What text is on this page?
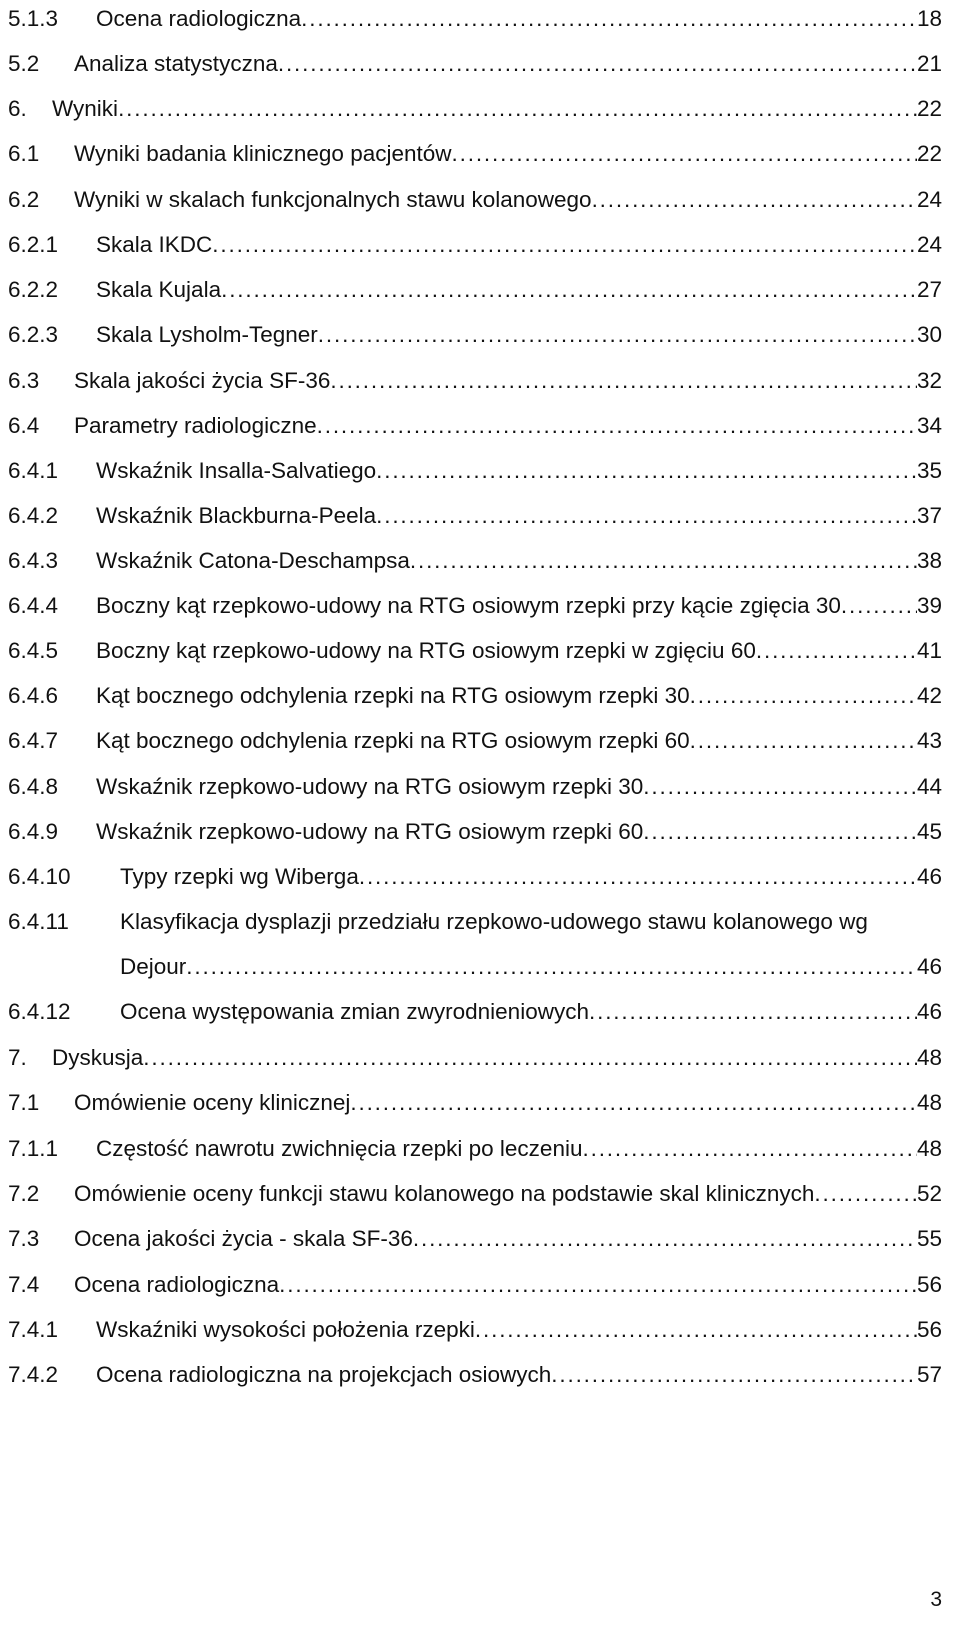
5.1.3 Ocena radiologiczna . . .	18
5.2 Analiza statystyczna . . .	21
6. Wyniki . . .	22
6.1 Wyniki badania klinicznego pacjentów . . .	22
6.2 Wyniki w skalach funkcjonalnych stawu kolanowego . . .	24
6.2.1 Skala IKDC . . .	24
6.2.2 Skala Kujala . . .	27
6.2.3 Skala Lysholm-Tegner . . .	30
6.3 Skala jakości życia SF-36 . . .	32
6.4 Parametry radiologiczne . . .	34
6.4.1 Wskaźnik Insalla-Salvatiego . . .	35
6.4.2 Wskaźnik Blackburna-Peela . . .	37
6.4.3 Wskaźnik Catona-Deschampsa . . .	38
6.4.4 Boczny kąt rzepkowo-udowy na RTG osiowym rzepki przy kącie zgięcia 30 . . .	39
6.4.5 Boczny kąt rzepkowo-udowy na RTG osiowym rzepki w zgięciu 60 . . .	41
6.4.6 Kąt bocznego odchylenia rzepki na RTG osiowym rzepki 30 . . .	42
6.4.7 Kąt bocznego odchylenia rzepki na RTG osiowym rzepki 60 . . .	43
6.4.8 Wskaźnik rzepkowo-udowy na RTG osiowym rzepki 30 . . .	44
6.4.9 Wskaźnik rzepkowo-udowy na RTG osiowym rzepki 60 . . .	45
6.4.10 Typy rzepki wg Wiberga . . .	46
6.4.11 Klasyfikacja dysplazji przedziału rzepkowo-udowego stawu kolanowego wg
Dejour . . .	46
6.4.12 Ocena występowania zmian zwyrodnieniowych . . .	46
7. Dyskusja . . .	48
7.1 Omówienie oceny klinicznej . . .	48
7.1.1 Częstość nawrotu zwichnięcia rzepki po leczeniu . . .	48
7.2 Omówienie oceny funkcji stawu kolanowego na podstawie skal klinicznych . . .	52
7.3 Ocena jakości życia - skala SF-36 . . .	55
7.4 Ocena radiologiczna . . .	56
7.4.1 Wskaźniki wysokości położenia rzepki . . .	56
7.4.2 Ocena radiologiczna na projekcjach osiowych . . .	57
3
